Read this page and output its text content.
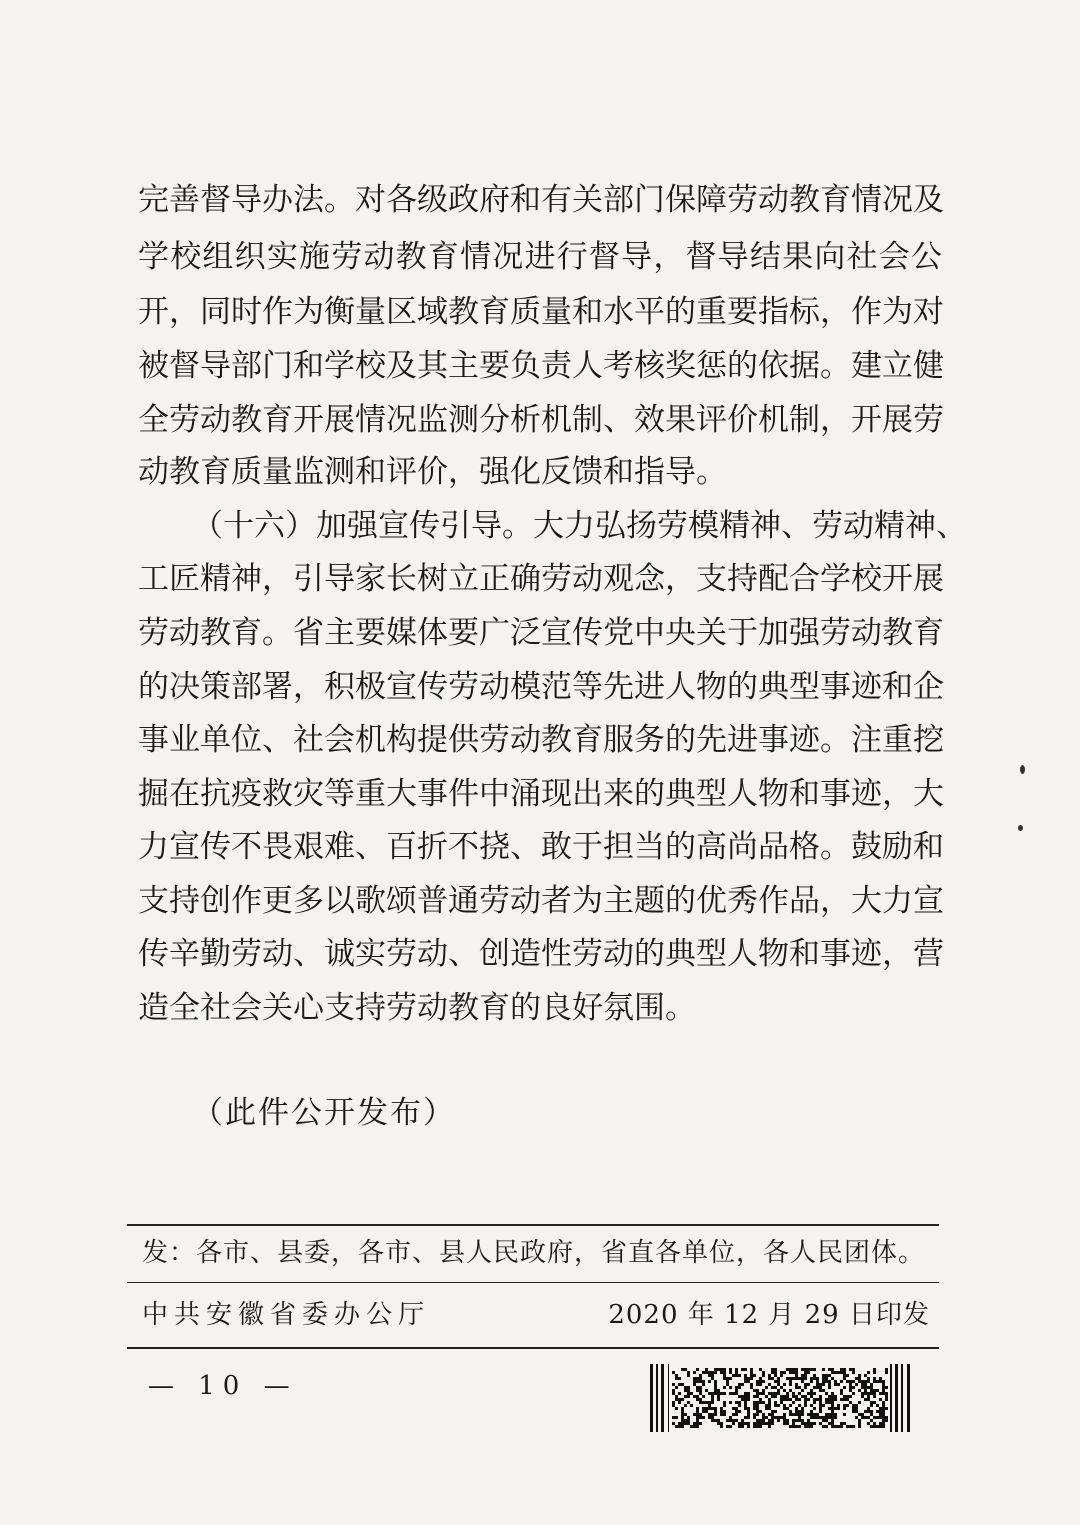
完善督导办法。对各级政府和有关部门保障劳动教育情况及
学校组织实施劳动教育情况进行督导，督导结果向社会公
开，同时作为衡量区域教育质量和水平的重要指标，作为对
被督导部门和学校及其主要负责人考核奖惩的依据。建立健
全劳动教育开展情况监测分析机制、效果评价机制，开展劳
动教育质量监测和评价，强化反馈和指导。
（十六）加强宣传引导。大力弘扬劳模精神、劳动精神、
工匠精神，引导家长树立正确劳动观念，支持配合学校开展
劳动教育。省主要媒体要广泛宣传党中央关于加强劳动教育
的决策部署，积极宣传劳动模范等先进人物的典型事迹和企
事业单位、社会机构提供劳动教育服务的先进事迹。注重挖
掘在抗疫救灾等重大事件中涌现出来的典型人物和事迹，大
力宣传不畏艰难、百折不挠、敢于担当的高尚品格。鼓励和
支持创作更多以歌颂普通劳动者为主题的优秀作品，大力宣
传辛勤劳动、诚实劳动、创造性劳动的典型人物和事迹，营
造全社会关心支持劳动教育的良好氛围。
（此件公开发布）
发：各市、县委，各市、县人民政府，省直各单位，各人民团体。
中共安徽省委办公厅	2020 年 12 月 29 日印发
— 10 —
